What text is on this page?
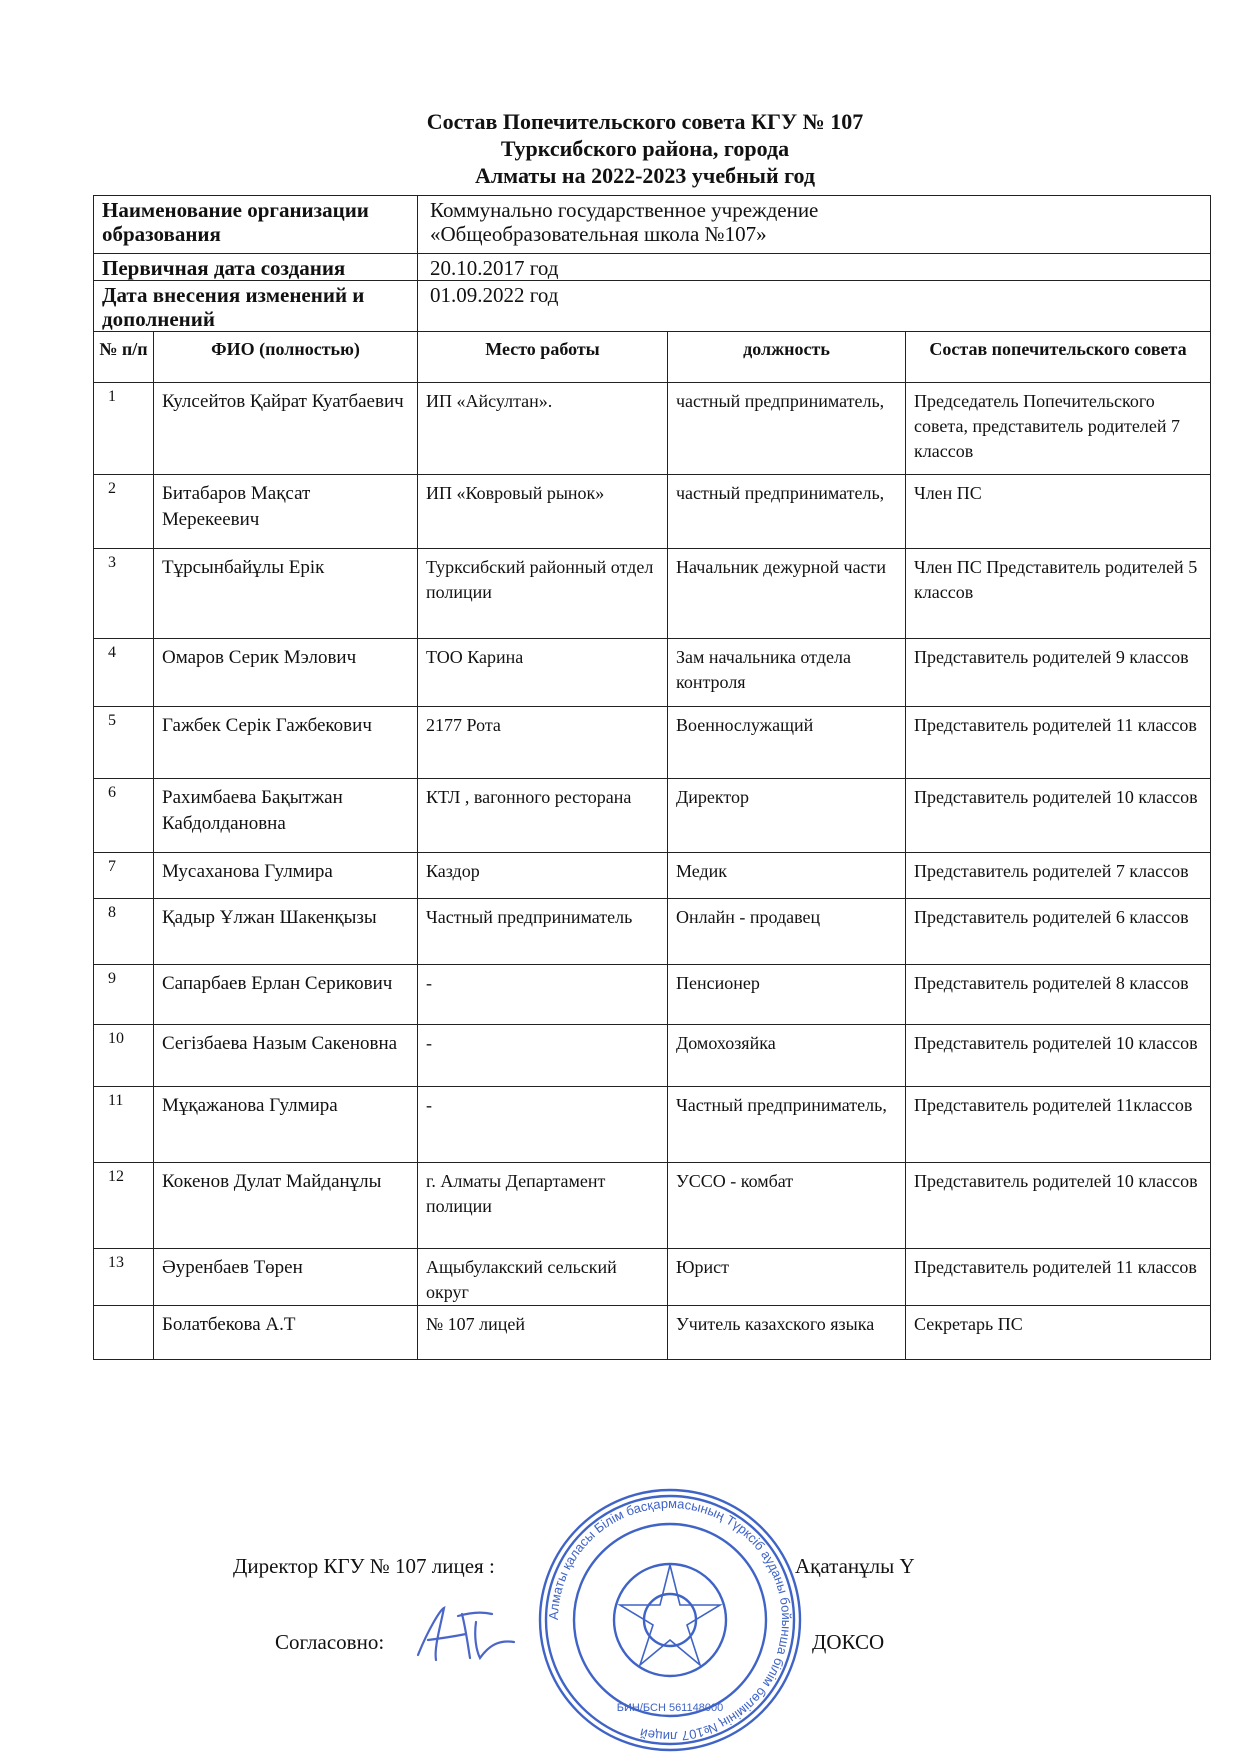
Состав Попечительского совета КГУ № 107
Турксибского района, города
Алматы на 2022-2023 учебный год
Наименование организации образования		Коммунально государственное учреждение
«Общеобразовательная школа №107»		

Первичная дата создания		20.10.2017 год		
Дата внесения изменений и дополнений		01.09.2022 год		
№ п/п	ФИО (полностью)	Место работы	должность	Состав попечительского совета
1	Кулсейтов Қайрат Куатбаевич	ИП «Айсултан».	частный предприниматель,	Председатель Попечительского совета, представитель родителей 7 классов
2	Битабаров Мақсат Мерекеевич	ИП «Ковровый рынок»	частный предприниматель,	Член ПС
3	Тұрсынбайұлы Ерік	Турксибский районный отдел полиции	Начальник дежурной части	Член ПС Представитель родителей 5 классов
4	Омаров Серик Мэлович	ТОО Карина	Зам начальника отдела контроля	Представитель родителей 9 классов
5	Гажбек Серік Гажбекович	2177 Рота	Военнослужащий	Представитель родителей 11 классов
6	Рахимбаева Бақытжан Кабдолдановна	КТЛ , вагонного ресторана	Директор	Представитель родителей 10 классов
7	Мусаханова Гулмира	Каздор	Медик	Представитель родителей 7 классов
8	Қадыр Ұлжан Шакенқызы	Частный предприниматель	Онлайн - продавец	Представитель родителей 6 классов
9	Сапарбаев Ерлан Серикович	-	Пенсионер	Представитель родителей 8 классов
10	Сегізбаева Назым Сакеновна	-	Домохозяйка	Представитель родителей 10 классов
11	Мұқажанова Гулмира	-	Частный предприниматель,	Представитель родителей 11классов
12	Кокенов Дулат Майданұлы	г. Алматы Департамент полиции	УССО - комбат	Представитель родителей 10 классов
13	Әуренбаев Төрен	Ащыбулакский сельский округ	Юрист	Представитель родителей 11 классов
	Болатбекова А.Т	№ 107 лицей	Учитель казахского языка	Секретарь ПС
Директор КГУ № 107 лицея :	Ақатанұлы Ү
Согласовно:	ДОКСО
Алматы қаласы Білім басқармасының Түрксіб ауданы бойынша білім бөлімінің №107 лицей
БИН/БСН 561148000
